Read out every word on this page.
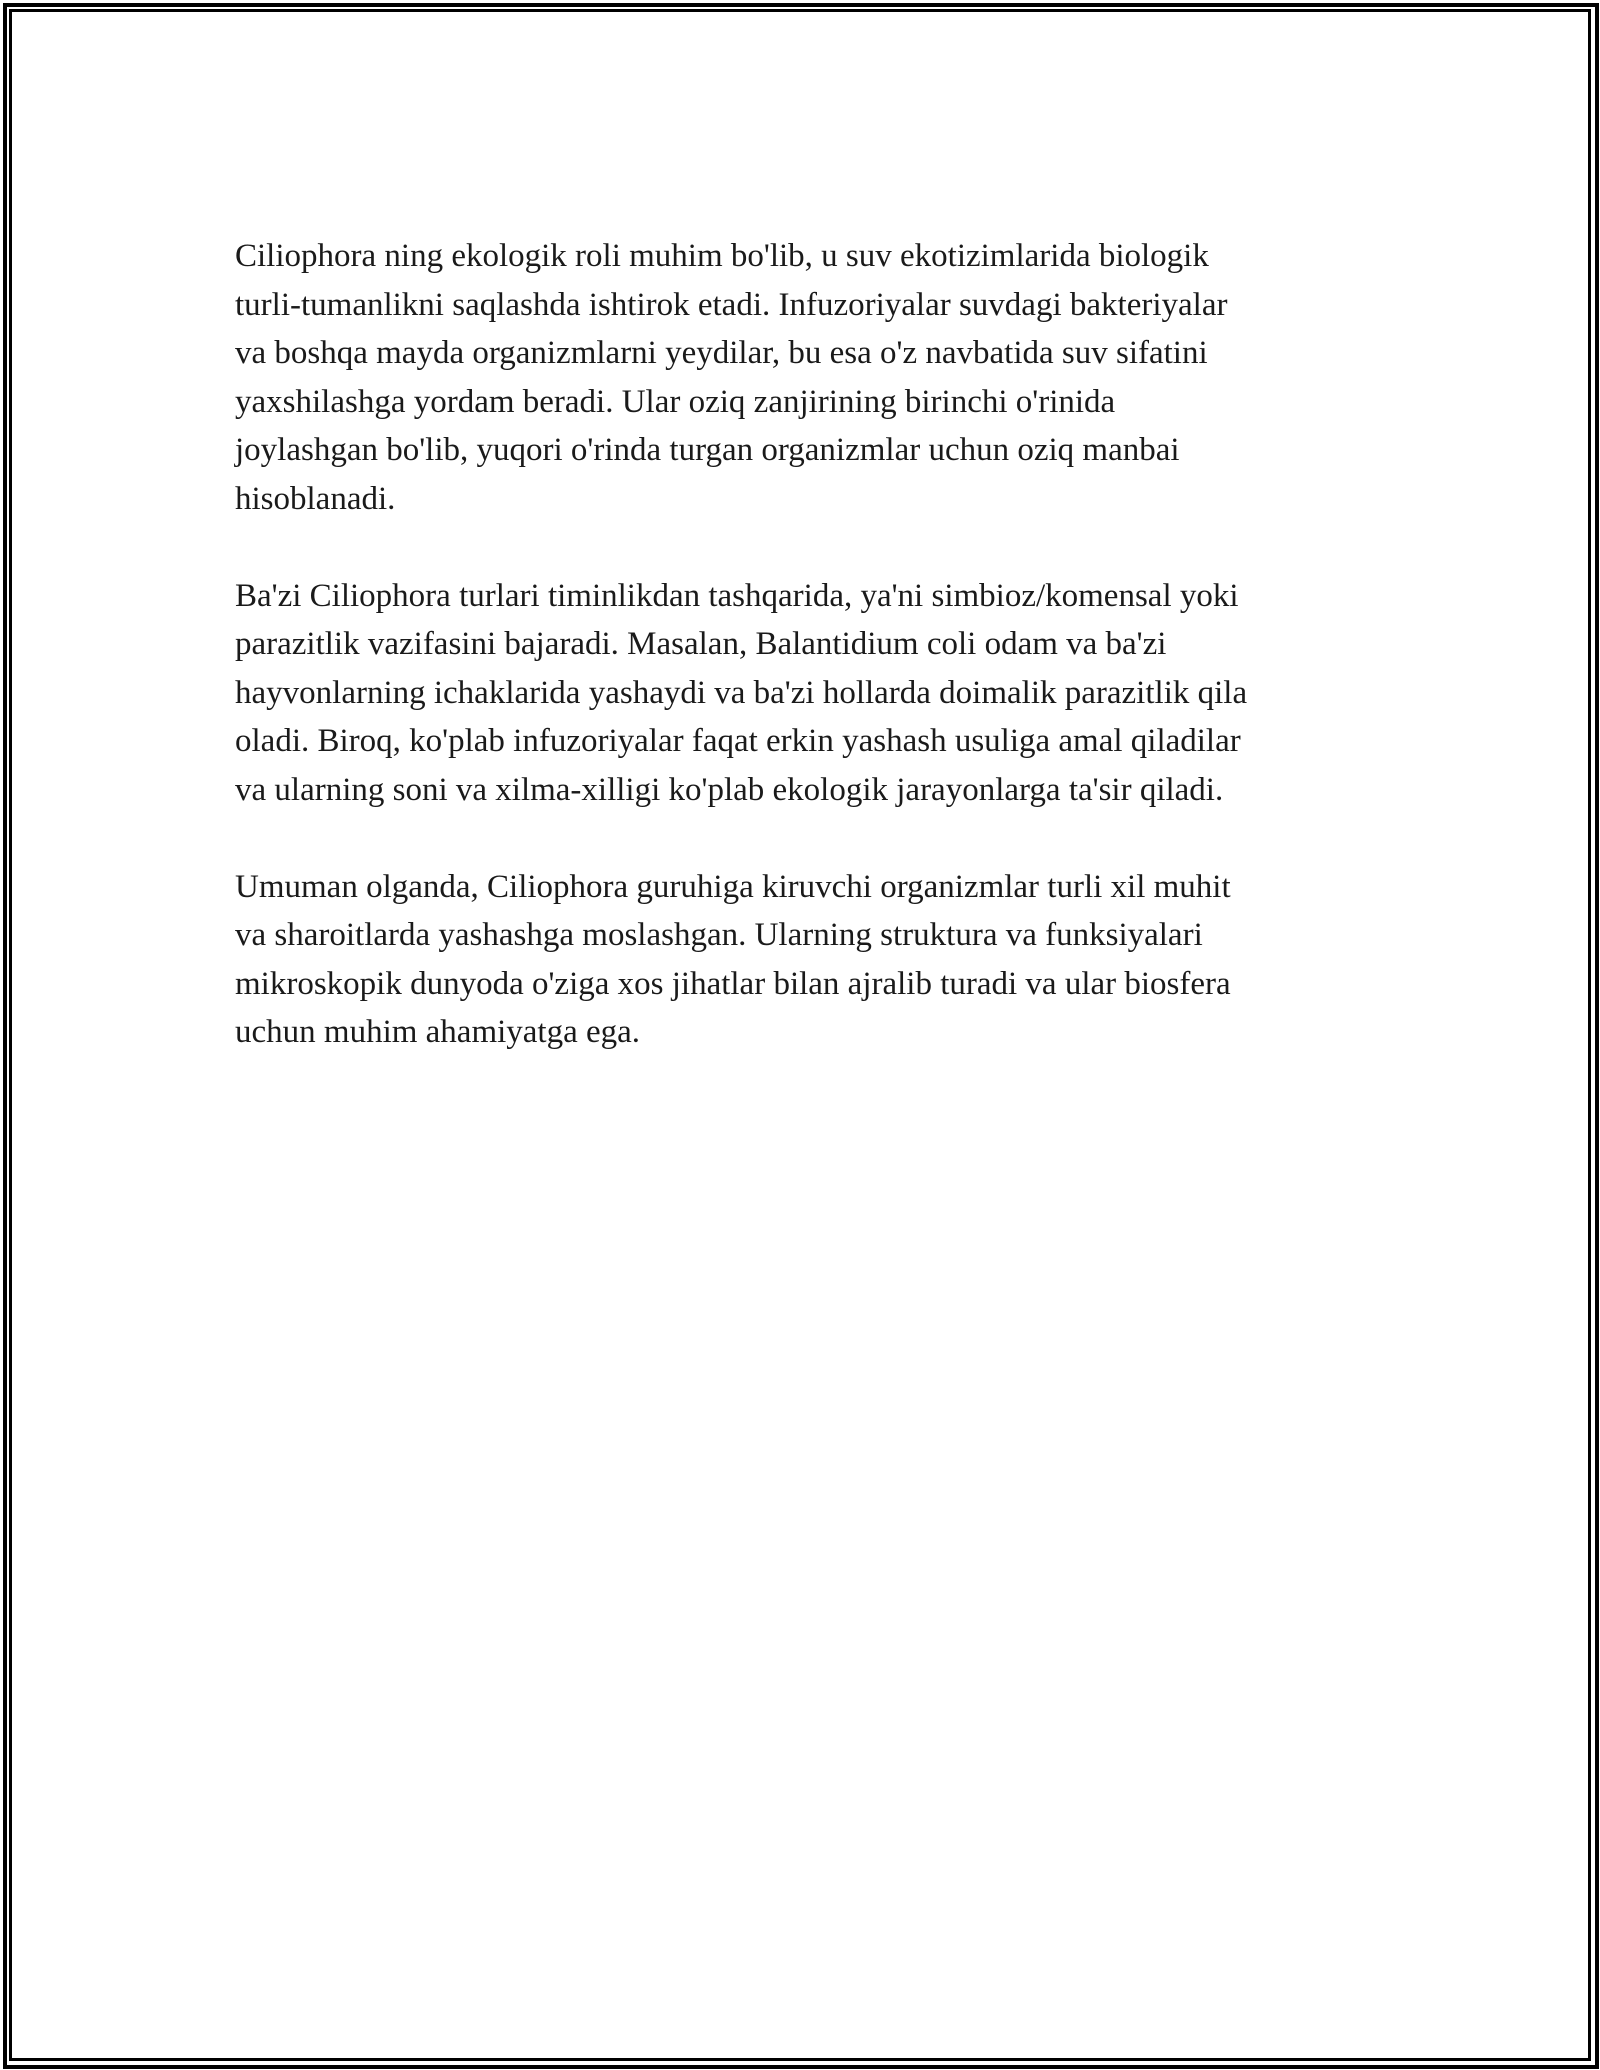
Ciliophora ning ekologik roli muhim bo'lib, u suv ekotizimlarida biologik
turli-tumanlikni saqlashda ishtirok etadi. Infuzoriyalar suvdagi bakteriyalar
va boshqa mayda organizmlarni yeydilar, bu esa o'z navbatida suv sifatini
yaxshilashga yordam beradi. Ular oziq zanjirining birinchi o'rinida
joylashgan bo'lib, yuqori o'rinda turgan organizmlar uchun oziq manbai
hisoblanadi.

Ba'zi Ciliophora turlari timinlikdan tashqarida, ya'ni simbioz/komensal yoki
parazitlik vazifasini bajaradi. Masalan, Balantidium coli odam va ba'zi
hayvonlarning ichaklarida yashaydi va ba'zi hollarda doimalik parazitlik qila
oladi. Biroq, ko'plab infuzoriyalar faqat erkin yashash usuliga amal qiladilar
va ularning soni va xilma-xilligi ko'plab ekologik jarayonlarga ta'sir qiladi.

Umuman olganda, Ciliophora guruhiga kiruvchi organizmlar turli xil muhit
va sharoitlarda yashashga moslashgan. Ularning struktura va funksiyalari
mikroskopik dunyoda o'ziga xos jihatlar bilan ajralib turadi va ular biosfera
uchun muhim ahamiyatga ega.
